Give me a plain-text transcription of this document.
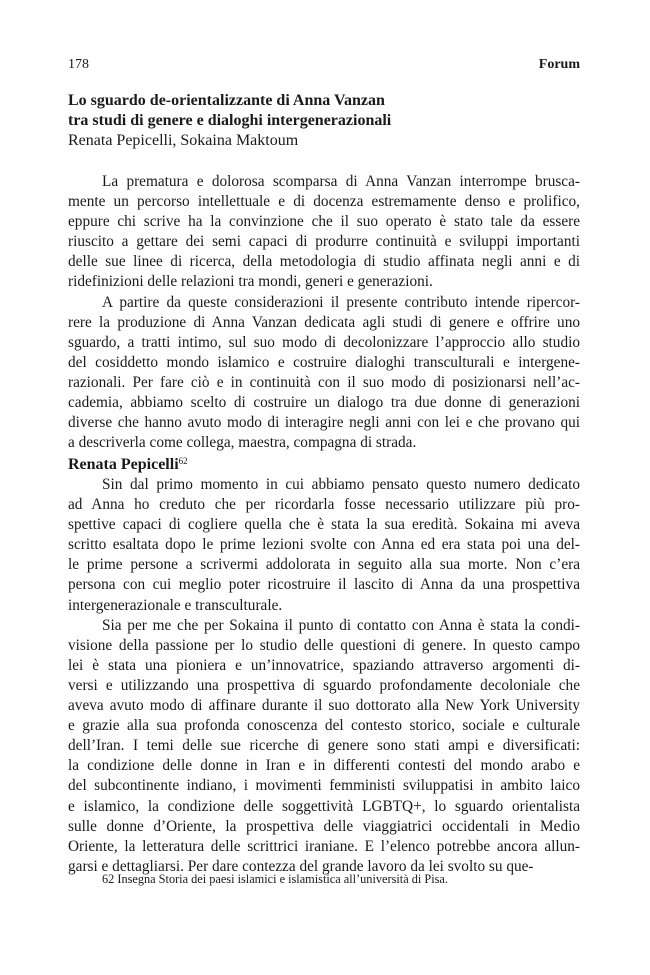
178	Forum
Lo sguardo de-orientalizzante di Anna Vanzan
tra studi di genere e dialoghi intergenerazionali
Renata Pepicelli, Sokaina Maktoum
La prematura e dolorosa scomparsa di Anna Vanzan interrompe brusca-
mente un percorso intellettuale e di docenza estremamente denso e prolifico,
eppure chi scrive ha la convinzione che il suo operato è stato tale da essere
riuscito a gettare dei semi capaci di produrre continuità e sviluppi importanti
delle sue linee di ricerca, della metodologia di studio affinata negli anni e di
ridefinizioni delle relazioni tra mondi, generi e generazioni.
A partire da queste considerazioni il presente contributo intende ripercor-
rere la produzione di Anna Vanzan dedicata agli studi di genere e offrire uno
sguardo, a tratti intimo, sul suo modo di decolonizzare l’approccio allo studio
del cosiddetto mondo islamico e costruire dialoghi transculturali e intergene-
razionali. Per fare ciò e in continuità con il suo modo di posizionarsi nell’ac-
cademia, abbiamo scelto di costruire un dialogo tra due donne di generazioni
diverse che hanno avuto modo di interagire negli anni con lei e che provano qui
a descriverla come collega, maestra, compagna di strada.
Renata Pepicelli$^{62}$
Sin dal primo momento in cui abbiamo pensato questo numero dedicato
ad Anna ho creduto che per ricordarla fosse necessario utilizzare più pro-
spettive capaci di cogliere quella che è stata la sua eredità. Sokaina mi aveva
scritto esaltata dopo le prime lezioni svolte con Anna ed era stata poi una del-
le prime persone a scrivermi addolorata in seguito alla sua morte. Non c’era
persona con cui meglio poter ricostruire il lascito di Anna da una prospettiva
intergenerazionale e transculturale.
Sia per me che per Sokaina il punto di contatto con Anna è stata la condi-
visione della passione per lo studio delle questioni di genere. In questo campo
lei è stata una pioniera e un’innovatrice, spaziando attraverso argomenti di-
versi e utilizzando una prospettiva di sguardo profondamente decoloniale che
aveva avuto modo di affinare durante il suo dottorato alla New York University
e grazie alla sua profonda conoscenza del contesto storico, sociale e culturale
dell’Iran. I temi delle sue ricerche di genere sono stati ampi e diversificati:
la condizione delle donne in Iran e in differenti contesti del mondo arabo e
del subcontinente indiano, i movimenti femministi sviluppatisi in ambito laico
e islamico, la condizione delle soggettività LGBTQ+, lo sguardo orientalista
sulle donne d’Oriente, la prospettiva delle viaggiatrici occidentali in Medio
Oriente, la letteratura delle scrittrici iraniane. E l’elenco potrebbe ancora allun-
garsi e dettagliarsi. Per dare contezza del grande lavoro da lei svolto su que-
62 Insegna Storia dei paesi islamici e islamistica all’università di Pisa.
